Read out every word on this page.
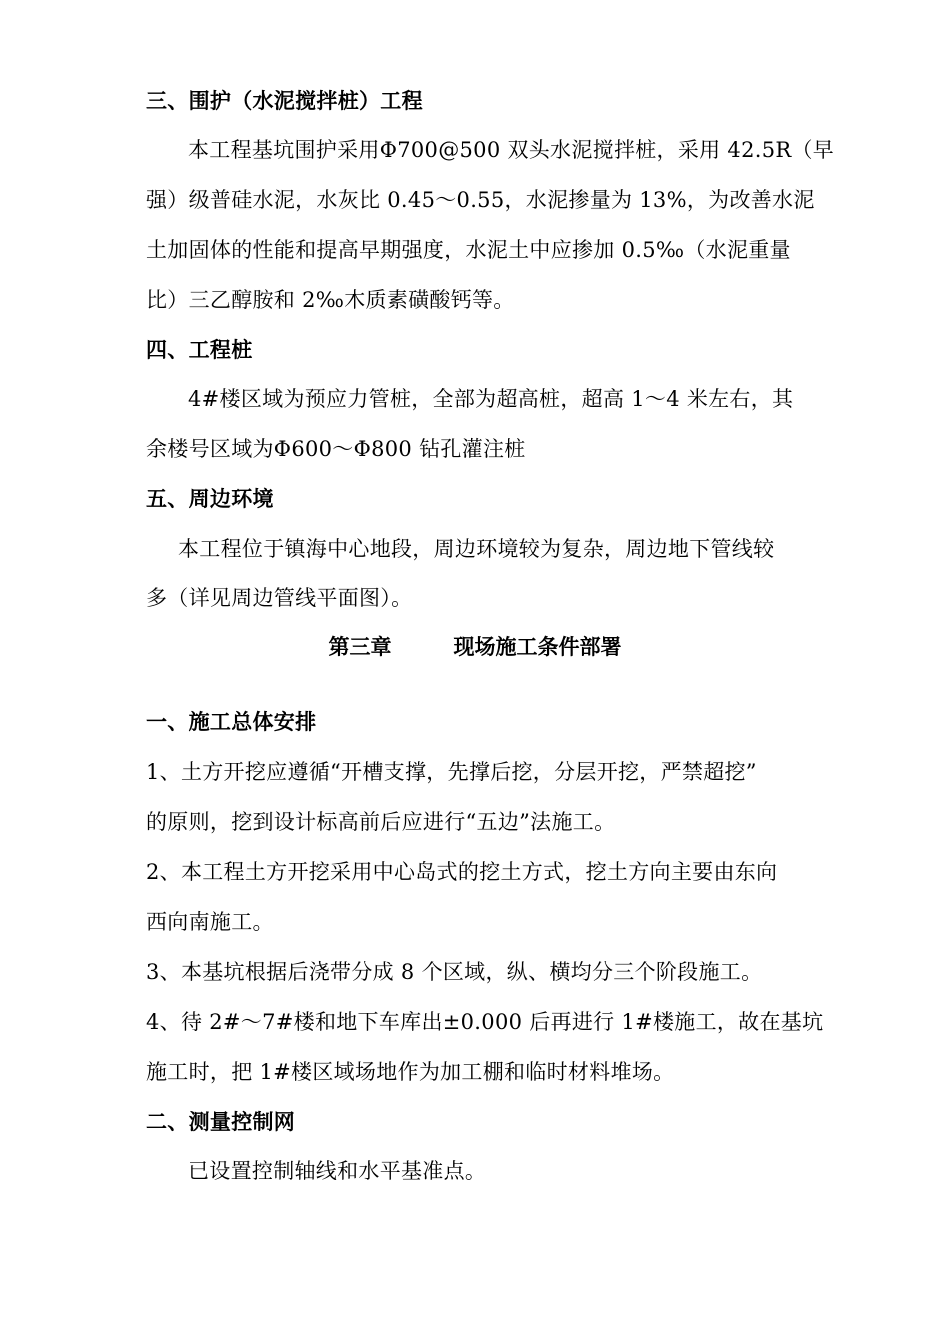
三、围护（水泥搅拌桩）工程
本工程基坑围护采用Φ700@500 双头水泥搅拌桩，采用 42.5R（早
强）级普硅水泥，水灰比 0.45～0.55，水泥掺量为 13%，为改善水泥
土加固体的性能和提高早期强度，水泥土中应掺加 0.5‰（水泥重量
比）三乙醇胺和 2‰木质素磺酸钙等。
四、工程桩
4#楼区域为预应力管桩，全部为超高桩，超高 1～4 米左右，其
余楼号区域为Φ600～Φ800 钻孔灌注桩
五、周边环境
本工程位于镇海中心地段，周边环境较为复杂，周边地下管线较
多（详见周边管线平面图）。
第三章	现场施工条件部署
一、施工总体安排
1、土方开挖应遵循“开槽支撑，先撑后挖，分层开挖，严禁超挖”
的原则，挖到设计标高前后应进行“五边”法施工。
2、本工程土方开挖采用中心岛式的挖土方式，挖土方向主要由东向
西向南施工。
3、本基坑根据后浇带分成 8 个区域，纵、横均分三个阶段施工。
4、待 2#～7#楼和地下车库出±0.000 后再进行 1#楼施工，故在基坑
施工时，把 1#楼区域场地作为加工棚和临时材料堆场。
二、测量控制网
已设置控制轴线和水平基准点。
